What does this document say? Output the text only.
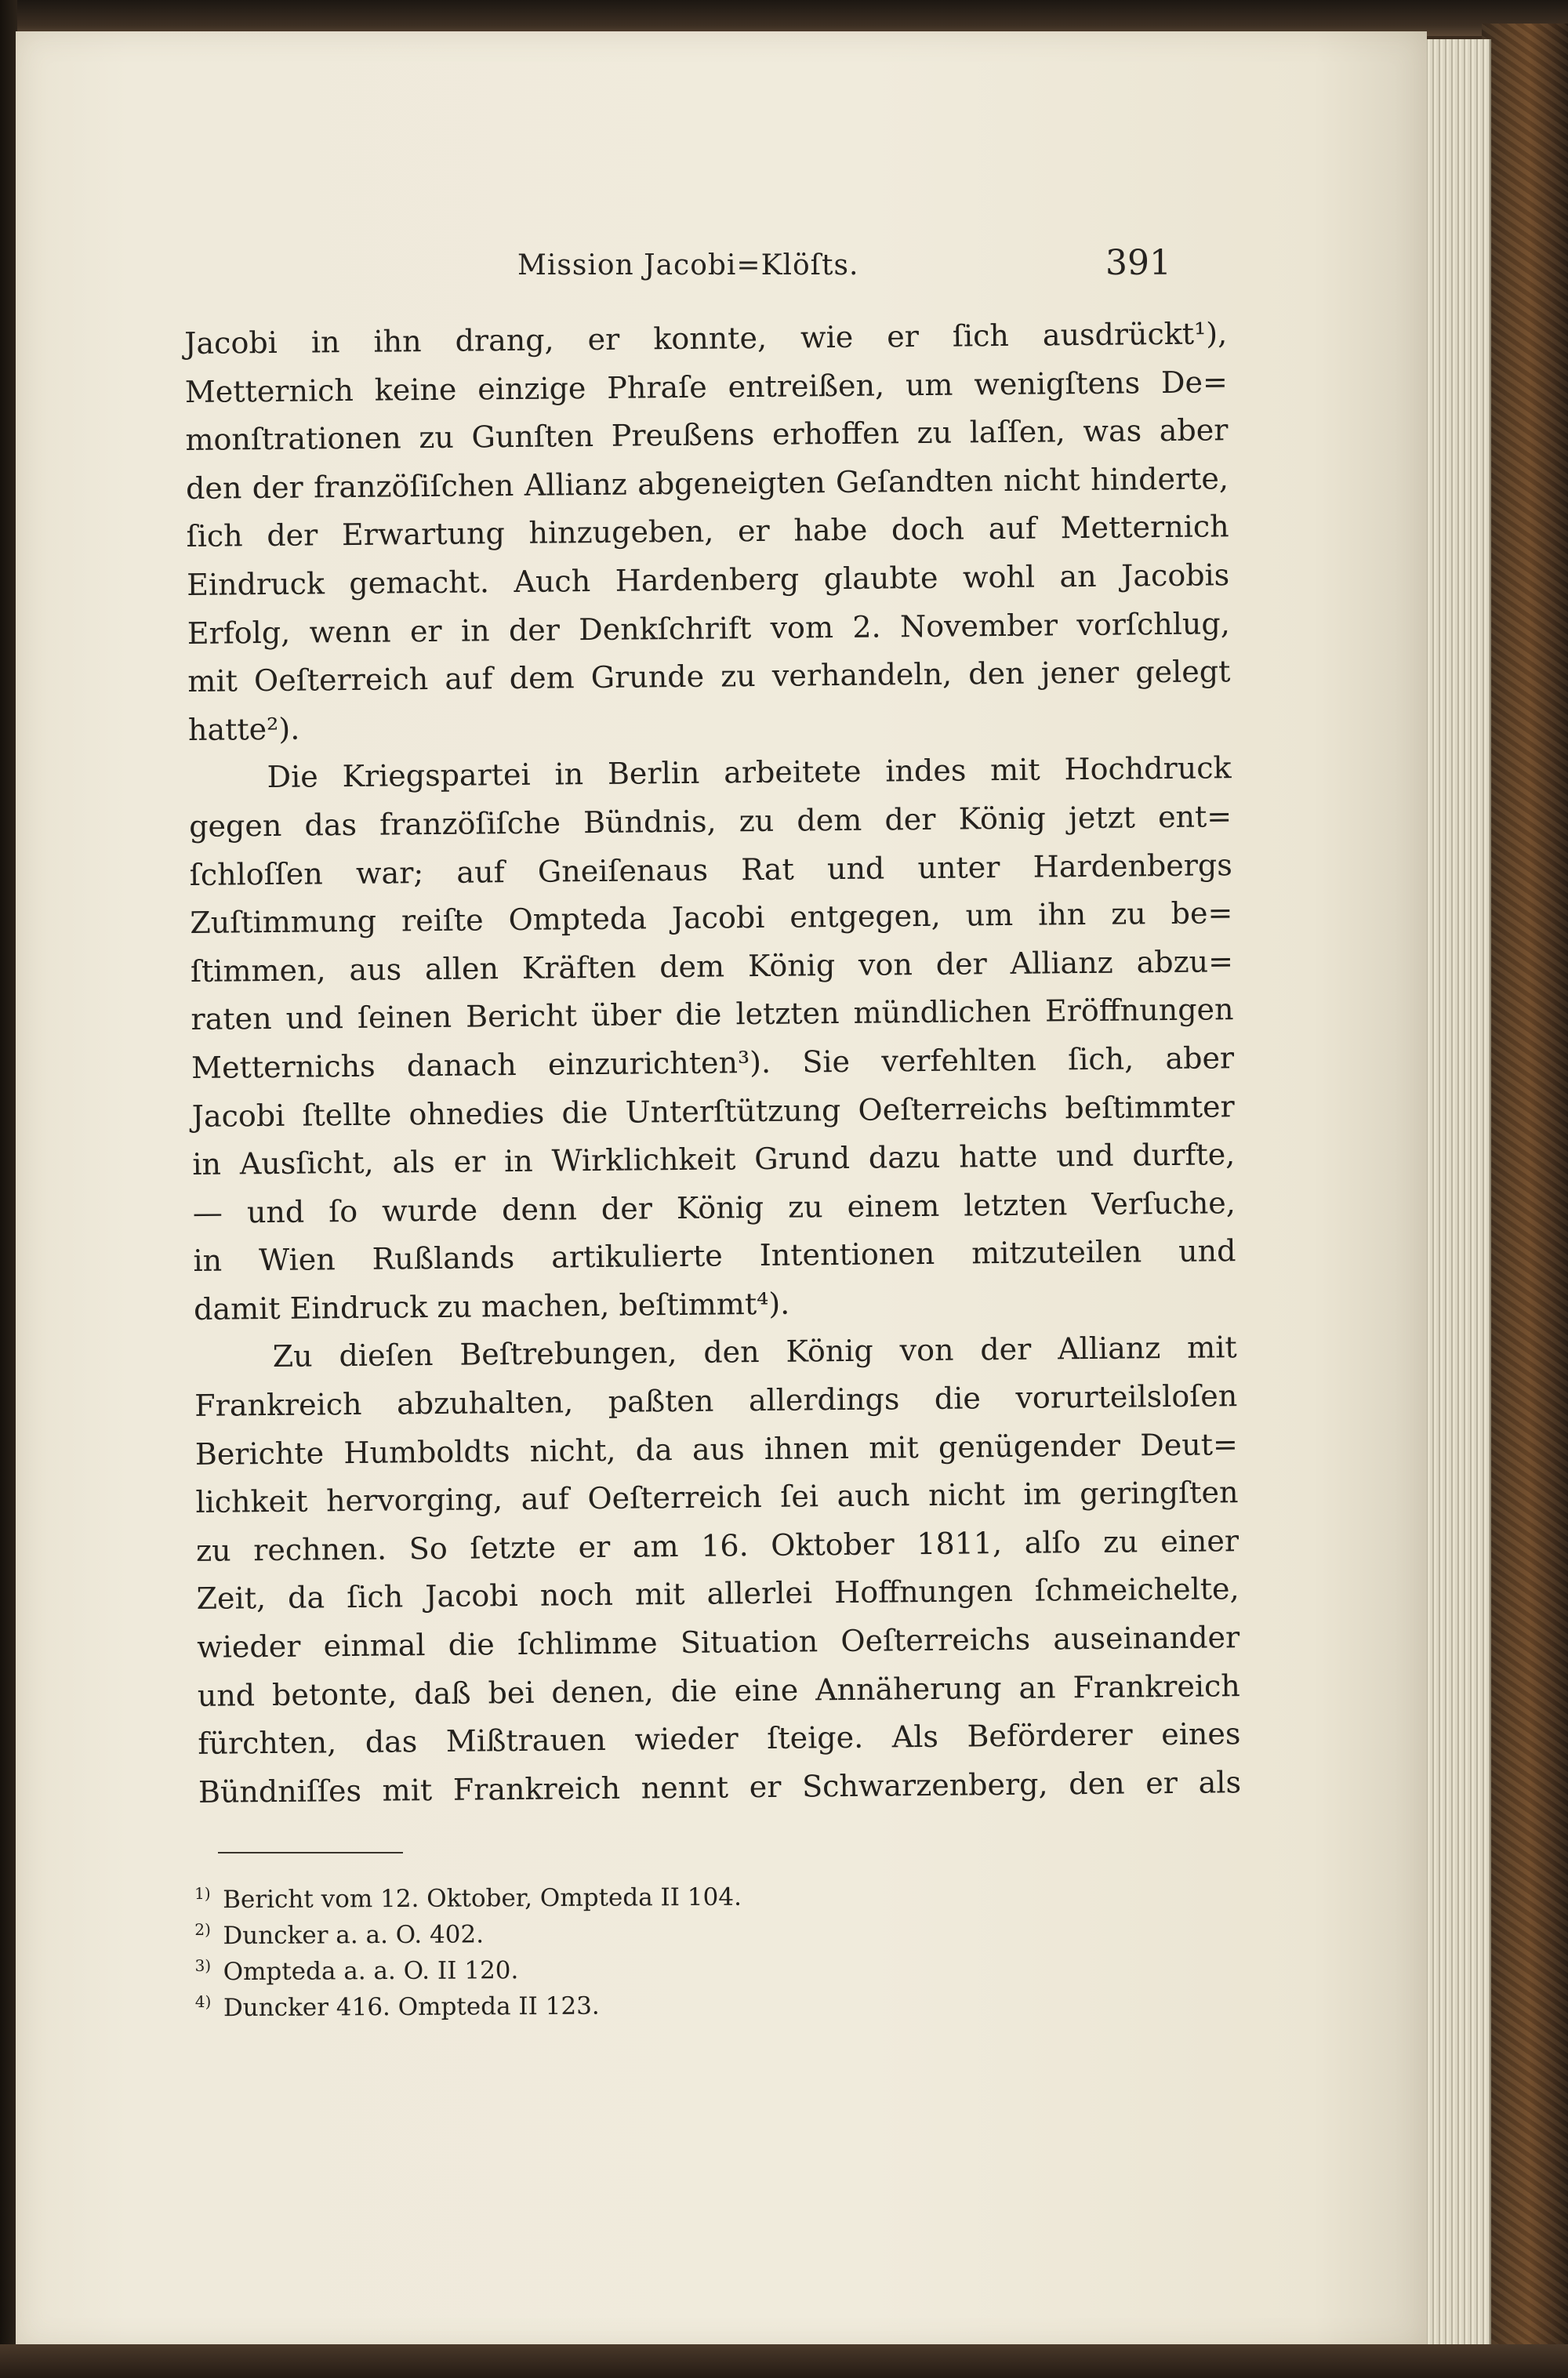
Mission Jacobi=Klöſts.	391
Jacobi in ihn drang, er konnte, wie er ſich ausdrückt¹),
Metternich keine einzige Phraſe entreißen, um wenigſtens De=
monſtrationen zu Gunſten Preußens erhoffen zu laſſen, was aber
den der franzöſiſchen Allianz abgeneigten Geſandten nicht hinderte,
ſich der Erwartung hinzugeben, er habe doch auf Metternich
Eindruck gemacht. Auch Hardenberg glaubte wohl an Jacobis
Erfolg, wenn er in der Denkſchrift vom 2. November vorſchlug,
mit Oeſterreich auf dem Grunde zu verhandeln, den jener gelegt
hatte²).
Die Kriegspartei in Berlin arbeitete indes mit Hochdruck
gegen das franzöſiſche Bündnis, zu dem der König jetzt ent=
ſchloſſen war; auf Gneiſenaus Rat und unter Hardenbergs
Zuſtimmung reiſte Ompteda Jacobi entgegen, um ihn zu be=
ſtimmen, aus allen Kräften dem König von der Allianz abzu=
raten und ſeinen Bericht über die letzten mündlichen Eröffnungen
Metternichs danach einzurichten³). Sie verfehlten ſich, aber
Jacobi ſtellte ohnedies die Unterſtützung Oeſterreichs beſtimmter
in Ausſicht, als er in Wirklichkeit Grund dazu hatte und durfte,
— und ſo wurde denn der König zu einem letzten Verſuche,
in Wien Rußlands artikulierte Intentionen mitzuteilen und
damit Eindruck zu machen, beſtimmt⁴).
Zu dieſen Beſtrebungen, den König von der Allianz mit
Frankreich abzuhalten, paßten allerdings die vorurteilsloſen
Berichte Humboldts nicht, da aus ihnen mit genügender Deut=
lichkeit hervorging, auf Oeſterreich ſei auch nicht im geringſten
zu rechnen. So ſetzte er am 16. Oktober 1811, alſo zu einer
Zeit, da ſich Jacobi noch mit allerlei Hoffnungen ſchmeichelte,
wieder einmal die ſchlimme Situation Oeſterreichs auseinander
und betonte, daß bei denen, die eine Annäherung an Frankreich
fürchten, das Mißtrauen wieder ſteige. Als Beförderer eines
Bündniſſes mit Frankreich nennt er Schwarzenberg, den er als
1) Bericht vom 12. Oktober, Ompteda II 104.
2) Duncker a. a. O. 402.
3) Ompteda a. a. O. II 120.
4) Duncker 416. Ompteda II 123.
